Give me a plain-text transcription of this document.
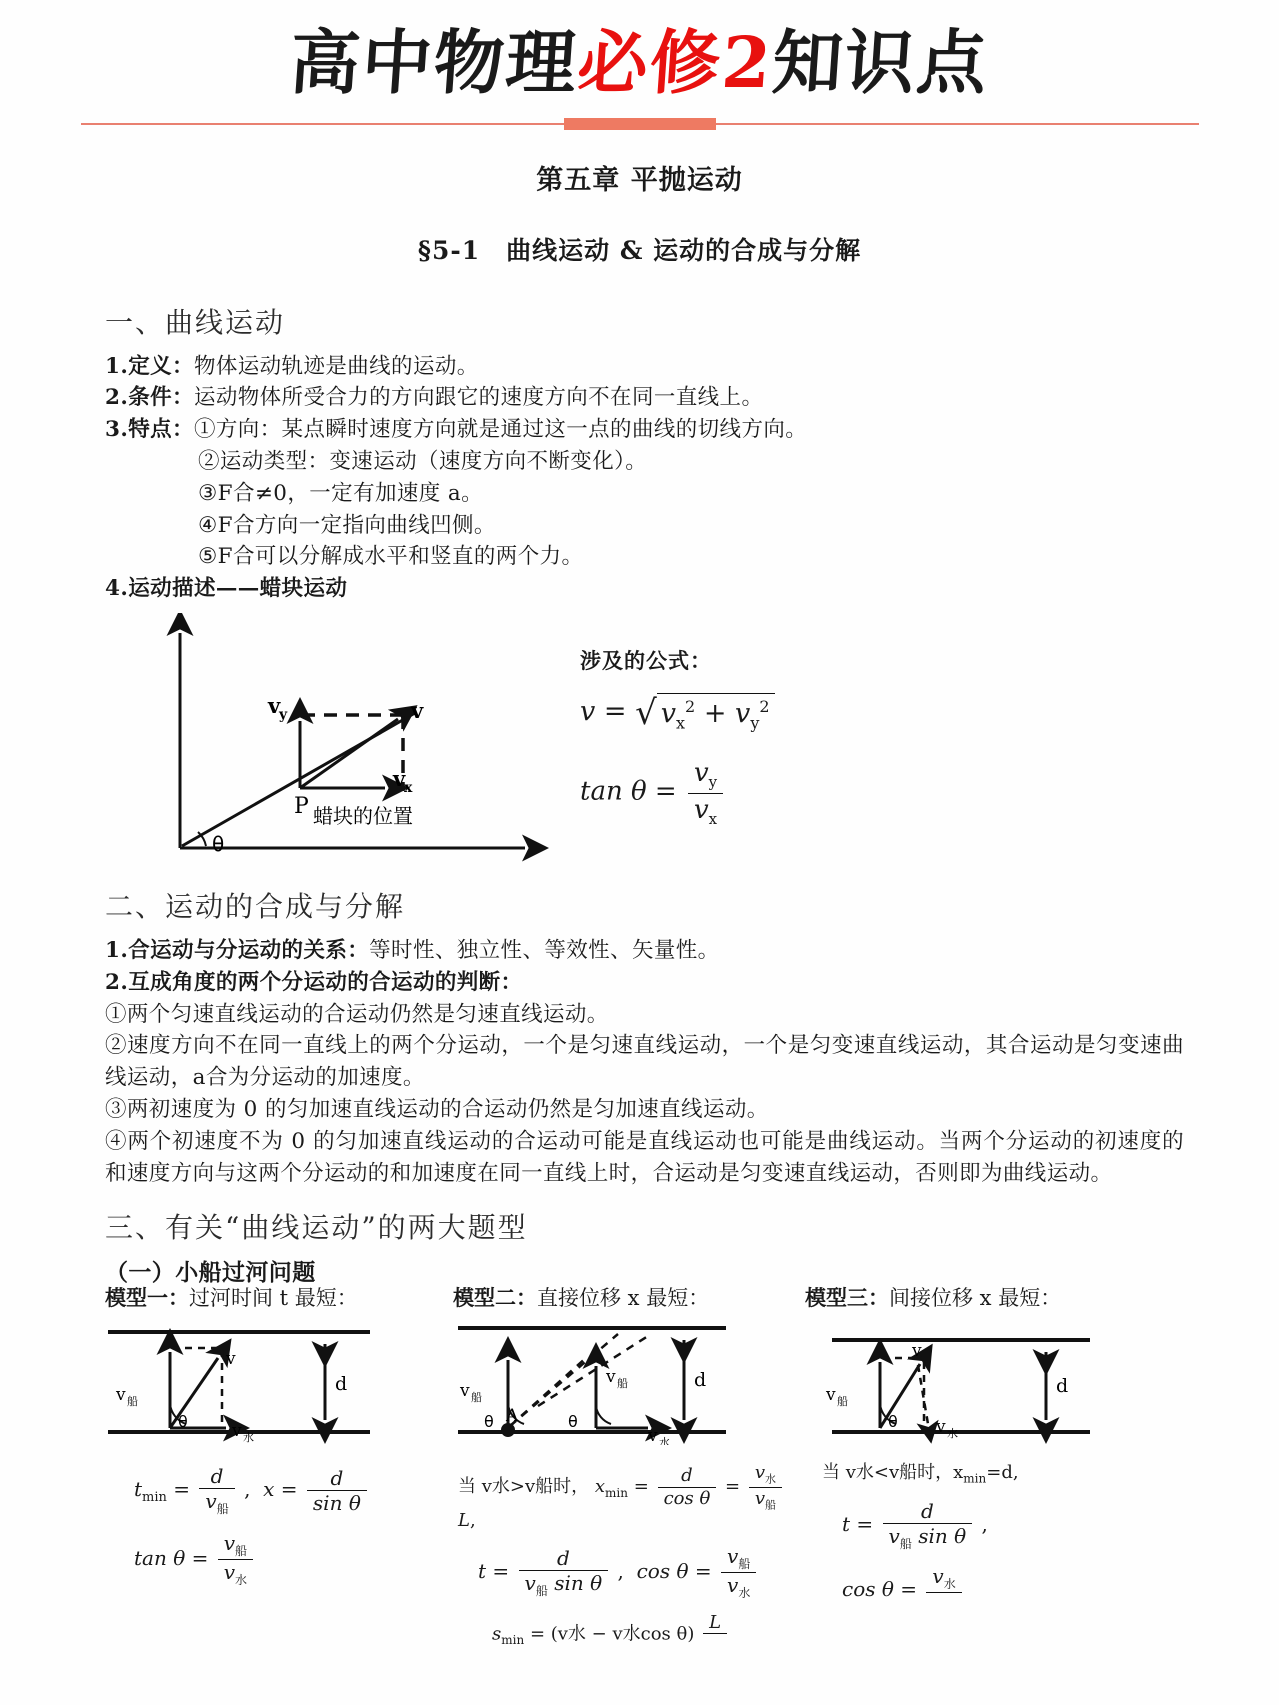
高中物理必修2知识点
第五章 平抛运动
§5-1 曲线运动 & 运动的合成与分解
一、曲线运动
1.定义：物体运动轨迹是曲线的运动。
2.条件：运动物体所受合力的方向跟它的速度方向不在同一直线上。
3.特点：①方向：某点瞬时速度方向就是通过这一点的曲线的切线方向。
②运动类型：变速运动（速度方向不断变化）。
③F合≠0，一定有加速度 a。
④F合方向一定指向曲线凹侧。
⑤F合可以分解成水平和竖直的两个力。
4.运动描述——蜡块运动
v
y
v
x
v
P
θ
蜡块的位置
涉及的公式：
v = √ $v_x^2 + v_y^2$
$\tan \theta = \frac{v_y}{v_x}$
二、运动的合成与分解
1.合运动与分运动的关系：等时性、独立性、等效性、矢量性。
2.互成角度的两个分运动的合运动的判断：
①两个匀速直线运动的合运动仍然是匀速直线运动。
②速度方向不在同一直线上的两个分运动，一个是匀速直线运动，一个是匀变速直线运动，其合运动是匀变速曲线运动，a合为分运动的加速度。
③两初速度为 0 的匀加速直线运动的合运动仍然是匀加速直线运动。
④两个初速度不为 0 的匀加速直线运动的合运动可能是直线运动也可能是曲线运动。当两个分运动的初速度的和速度方向与这两个分运动的和加速度在同一直线上时，合运动是匀变速直线运动，否则即为曲线运动。
三、有关“曲线运动”的两大题型
（一）小船过河问题
模型一：过河时间 t 最短：	模型二：直接位移 x 最短：	模型三：间接位移 x 最短：
v 船
v
v 水
θ
d
$t_{min} = \frac{d}{v_船}$ , $x = \frac{d}{\text{sin θ}}$
$\tan \theta = \frac{v_船}{v_水}$
v 船
θ A	θ
v 船
v 水
d
当 v水>v船时， $x_{min} = \frac{d}{\text{cos θ}} = \frac{v_水}{v_船}$
L,
$t = \frac{d}{v_船 \sin \theta}$ , $\cos \theta = \frac{v_船}{v_水}$
$s_{min} = (v$水 − v水cos θ)
L

v 船
v
v 水
θ
d
当 v水<v船时，$x_{min}=d$,
$t = \frac{d}{v_船 \sin \theta}$ ,
cos θ =
$v_水$
